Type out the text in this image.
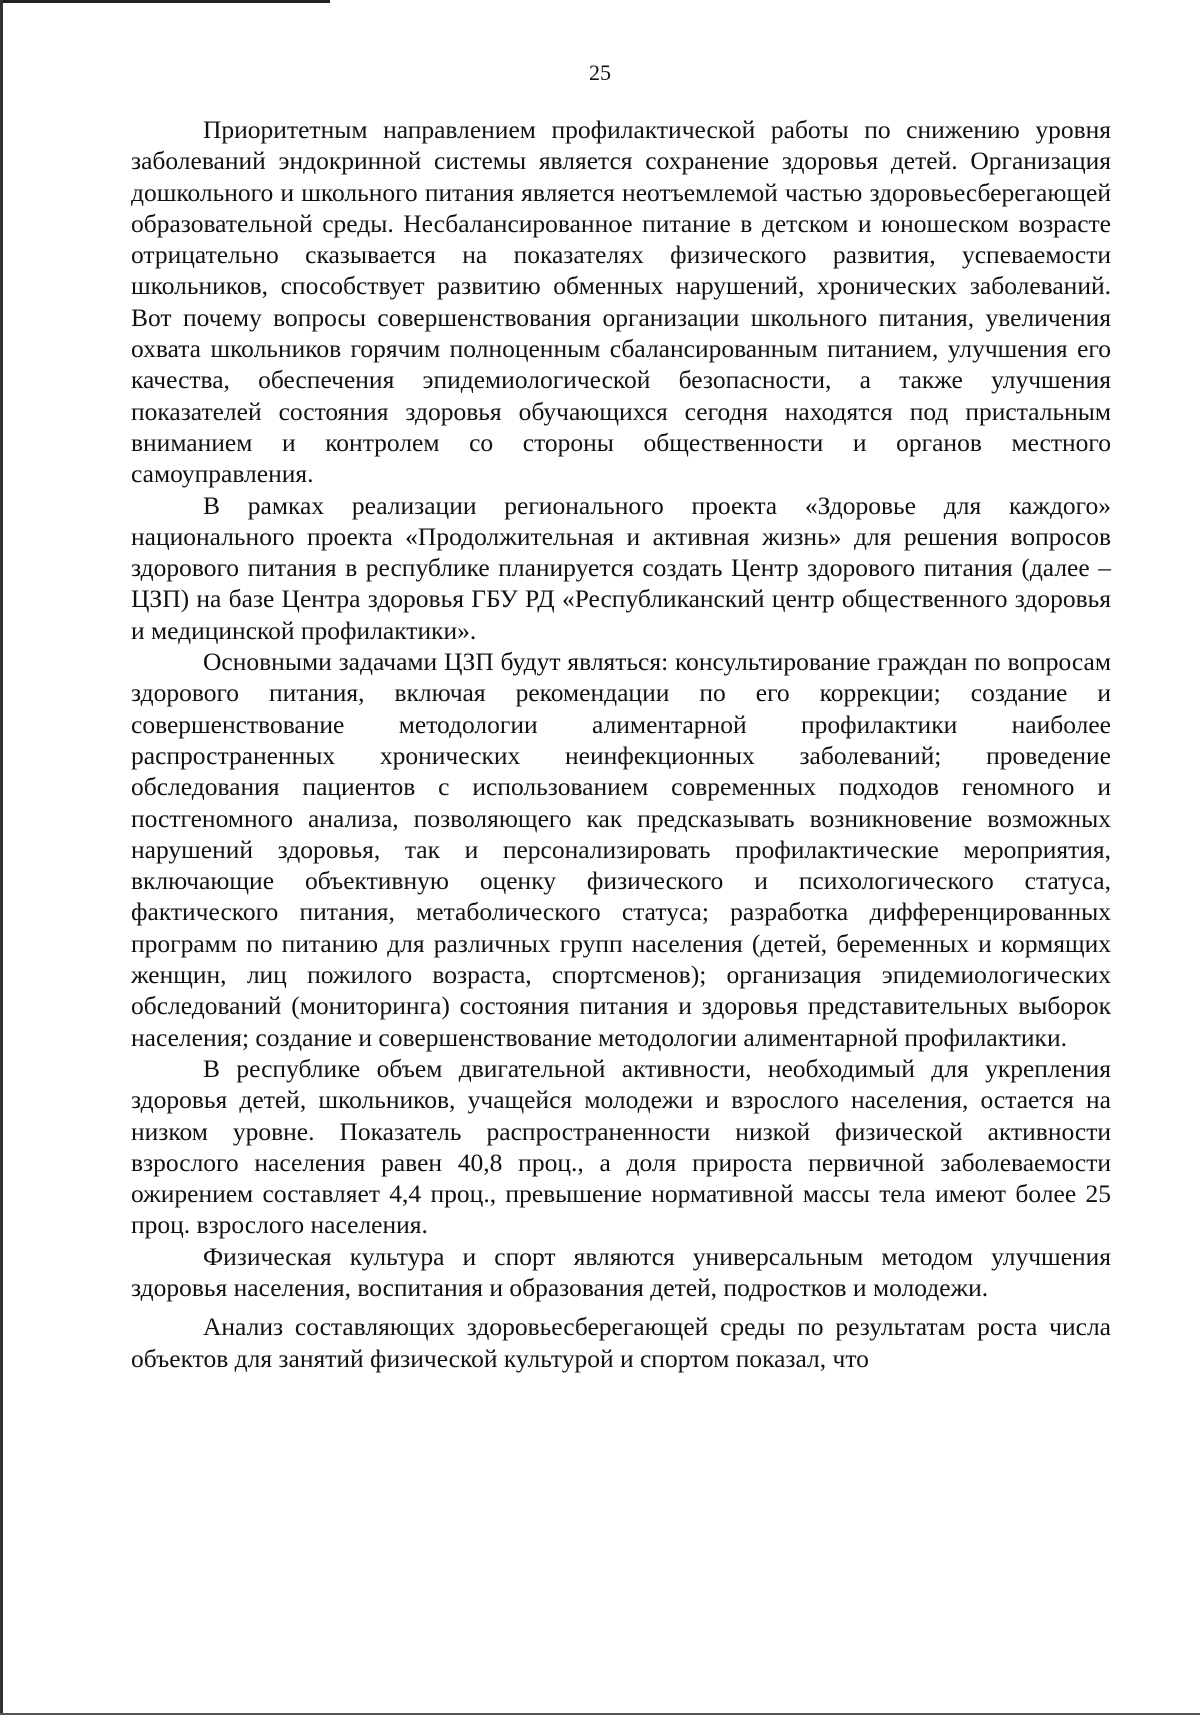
25

Приоритетным направлением профилактической работы по снижению уровня заболеваний эндокринной системы является сохранение здоровья детей. Организация дошкольного и школьного питания является неотъемлемой частью здоровьесберегающей образовательной среды. Несбалансированное питание в детском и юношеском возрасте отрицательно сказывается на показателях физического развития, успеваемости школьников, способствует развитию обменных нарушений, хронических заболеваний. Вот почему вопросы совершенствования организации школьного питания, увеличения охвата школьников горячим полноценным сбалансированным питанием, улучшения его качества, обеспечения эпидемиологической безопасности, а также улучшения показателей состояния здоровья обучающихся сегодня находятся под пристальным вниманием и контролем со стороны общественности и органов местного самоуправления.

В рамках реализации регионального проекта «Здоровье для каждого» национального проекта «Продолжительная и активная жизнь» для решения вопросов здорового питания в республике планируется создать Центр здорового питания (далее – ЦЗП) на базе Центра здоровья ГБУ РД «Республиканский центр общественного здоровья и медицинской профилактики».

Основными задачами ЦЗП будут являться: консультирование граждан по вопросам здорового питания, включая рекомендации по его коррекции; создание и совершенствование методологии алиментарной профилактики наиболее распространенных хронических неинфекционных заболеваний; проведение обследования пациентов с использованием современных подходов геномного и постгеномного анализа, позволяющего как предсказывать возникновение возможных нарушений здоровья, так и персонализировать профилактические мероприятия, включающие объективную оценку физического и психологического статуса, фактического питания, метаболического статуса; разработка дифференцированных программ по питанию для различных групп населения (детей, беременных и кормящих женщин, лиц пожилого возраста, спортсменов); организация эпидемиологических обследований (мониторинга) состояния питания и здоровья представительных выборок населения; создание и совершенствование методологии алиментарной профилактики.

В республике объем двигательной активности, необходимый для укрепления здоровья детей, школьников, учащейся молодежи и взрослого населения, остается на низком уровне. Показатель распространенности низкой физической активности взрослого населения равен 40,8 проц., а доля прироста первичной заболеваемости ожирением составляет 4,4 проц., превышение нормативной массы тела имеют более 25 проц. взрослого населения.

Физическая культура и спорт являются универсальным методом улучшения здоровья населения, воспитания и образования детей, подростков и молодежи.

Анализ составляющих здоровьесберегающей среды по результатам роста числа объектов для занятий физической культурой и спортом показал, что
